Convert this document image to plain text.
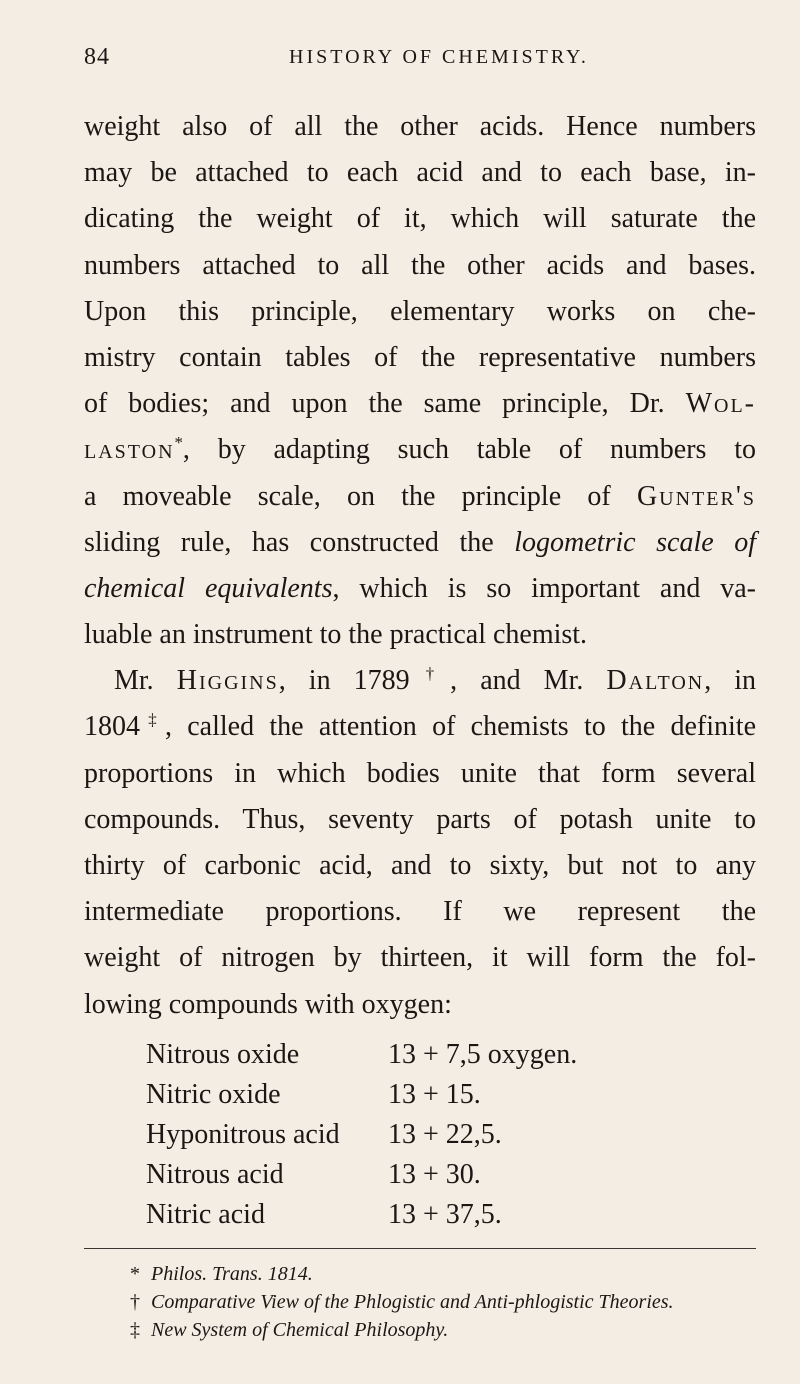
84	HISTORY OF CHEMISTRY.
weight also of all the other acids. Hence numbers
may be attached to each acid and to each base, in-
dicating the weight of it, which will saturate the
numbers attached to all the other acids and bases.
Upon this principle, elementary works on che-
mistry contain tables of the representative numbers
of bodies; and upon the same principle, Dr. Wol-
laston*, by adapting such table of numbers to
a moveable scale, on the principle of Gunter's
sliding rule, has constructed the logometric scale of
chemical equivalents, which is so important and va-
luable an instrument to the practical chemist.
Mr. Higgins, in 1789†, and Mr. Dalton, in
1804‡, called the attention of chemists to the definite
proportions in which bodies unite that form several
compounds. Thus, seventy parts of potash unite to
thirty of carbonic acid, and to sixty, but not to any
intermediate proportions. If we represent the
weight of nitrogen by thirteen, it will form the fol-
lowing compounds with oxygen:
Nitrous oxide	13 + 7,5 oxygen.
Nitric oxide	13 + 15.
Hyponitrous acid	13 + 22,5.
Nitrous acid	13 + 30.
Nitric acid	13 + 37,5.
* Philos. Trans. 1814.
† Comparative View of the Phlogistic and Anti-phlogistic Theories.
‡ New System of Chemical Philosophy.
